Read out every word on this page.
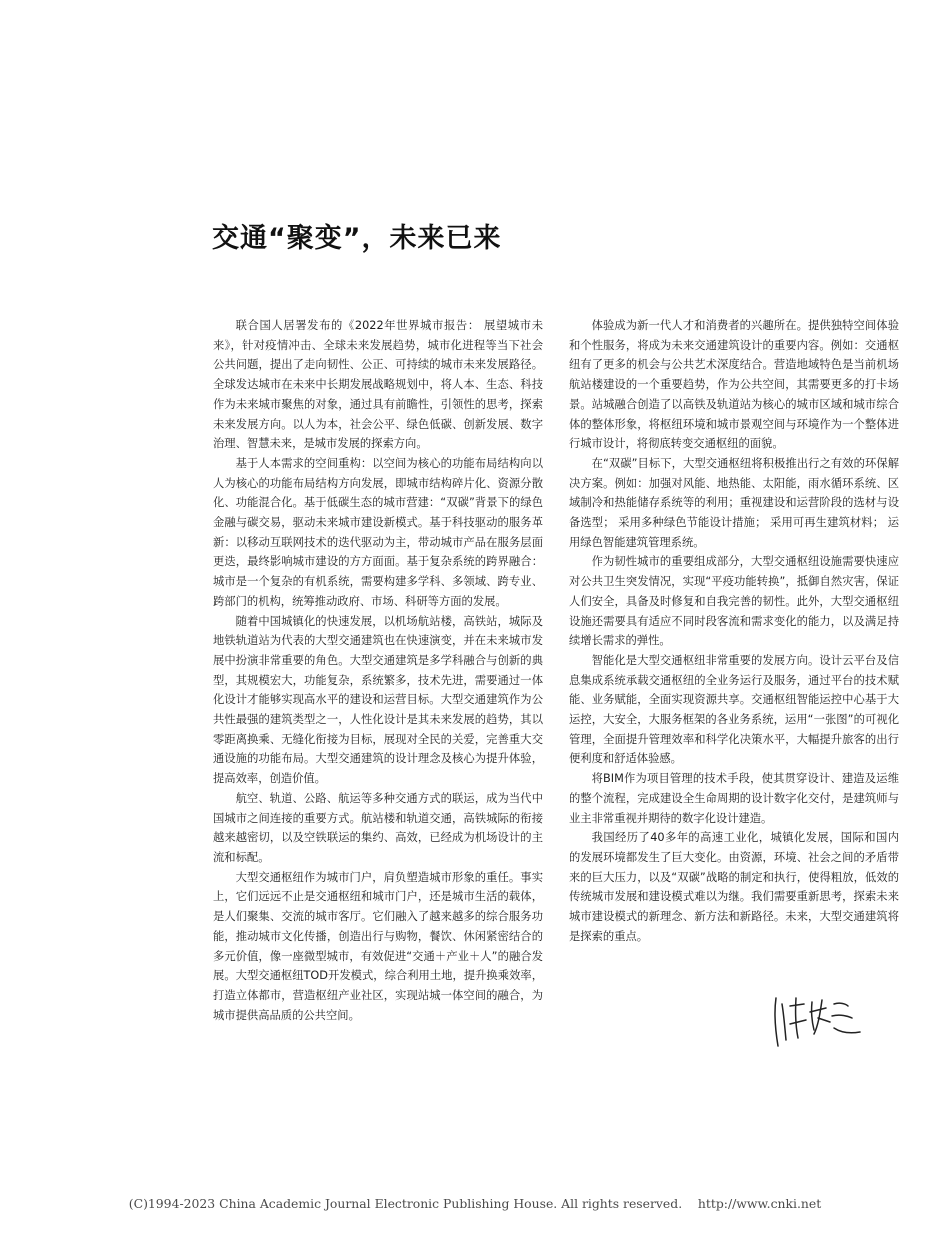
交通“聚变”，未来已来

联合国人居署发布的《2022年世界城市报告： 展望城市未来》，针对疫情冲击、全球未来发展趋势，城市化进程等当下社会公共问题，提出了走向韧性、公正、可持续的城市未来发展路径。全球发达城市在未来中长期发展战略规划中，将人本、生态、科技作为未来城市聚焦的对象，通过具有前瞻性，引领性的思考，探索未来发展方向。以人为本，社会公平、绿色低碳、创新发展、数字治理、智慧未来，是城市发展的探索方向。

基于人本需求的空间重构：以空间为核心的功能布局结构向以人为核心的功能布局结构方向发展，即城市结构碎片化、资源分散化、功能混合化。基于低碳生态的城市营建：“双碳”背景下的绿色金融与碳交易，驱动未来城市建设新模式。基于科技驱动的服务革新：以移动互联网技术的迭代驱动为主，带动城市产品在服务层面更迭，最终影响城市建设的方方面面。基于复杂系统的跨界融合：城市是一个复杂的有机系统，需要构建多学科、多领域、跨专业、跨部门的机构，统筹推动政府、市场、科研等方面的发展。

随着中国城镇化的快速发展，以机场航站楼，高铁站，城际及地铁轨道站为代表的大型交通建筑也在快速演变，并在未来城市发展中扮演非常重要的角色。大型交通建筑是多学科融合与创新的典型，其规模宏大，功能复杂，系统繁多，技术先进，需要通过一体化设计才能够实现高水平的建设和运营目标。大型交通建筑作为公共性最强的建筑类型之一，人性化设计是其未来发展的趋势，其以零距离换乘、无缝化衔接为目标，展现对全民的关爱，完善重大交通设施的功能布局。大型交通建筑的设计理念及核心为提升体验，提高效率，创造价值。

航空、轨道、公路、航运等多种交通方式的联运，成为当代中国城市之间连接的重要方式。航站楼和轨道交通，高铁城际的衔接越来越密切，以及空铁联运的集约、高效，已经成为机场设计的主流和标配。

大型交通枢纽作为城市门户，肩负塑造城市形象的重任。事实上，它们远远不止是交通枢纽和城市门户，还是城市生活的载体，是人们聚集、交流的城市客厅。它们融入了越来越多的综合服务功能，推动城市文化传播，创造出行与购物，餐饮、休闲紧密结合的多元价值，像一座微型城市，有效促进“交通＋产业＋人”的融合发展。大型交通枢纽TOD开发模式，综合利用土地，提升换乘效率，打造立体都市，营造枢纽产业社区，实现站城一体空间的融合，为城市提供高品质的公共空间。

体验成为新一代人才和消费者的兴趣所在。提供独特空间体验和个性服务，将成为未来交通建筑设计的重要内容。例如：交通枢纽有了更多的机会与公共艺术深度结合。营造地域特色是当前机场航站楼建设的一个重要趋势，作为公共空间，其需要更多的打卡场景。站城融合创造了以高铁及轨道站为核心的城市区域和城市综合体的整体形象，将枢纽环境和城市景观空间与环境作为一个整体进行城市设计，将彻底转变交通枢纽的面貌。

在“双碳”目标下，大型交通枢纽将积极推出行之有效的环保解决方案。例如：加强对风能、地热能、太阳能，雨水循环系统、区域制冷和热能储存系统等的利用；重视建设和运营阶段的选材与设备选型； 采用多种绿色节能设计措施； 采用可再生建筑材料； 运用绿色智能建筑管理系统。

作为韧性城市的重要组成部分，大型交通枢纽设施需要快速应对公共卫生突发情况，实现“平疫功能转换”，抵御自然灾害，保证人们安全，具备及时修复和自我完善的韧性。此外，大型交通枢纽设施还需要具有适应不同时段客流和需求变化的能力，以及满足持续增长需求的弹性。

智能化是大型交通枢纽非常重要的发展方向。设计云平台及信息集成系统承载交通枢纽的全业务运行及服务，通过平台的技术赋能、业务赋能，全面实现资源共享。交通枢纽智能运控中心基于大运控，大安全，大服务框架的各业务系统，运用“一张图”的可视化管理，全面提升管理效率和科学化决策水平，大幅提升旅客的出行便利度和舒适体验感。

将BIM作为项目管理的技术手段，使其贯穿设计、建造及运维的整个流程，完成建设全生命周期的设计数字化交付，是建筑师与业主非常重视并期待的数字化设计建造。

我国经历了40多年的高速工业化，城镇化发展，国际和国内的发展环境都发生了巨大变化。由资源，环境、社会之间的矛盾带来的巨大压力，以及“双碳”战略的制定和执行，使得粗放，低效的传统城市发展和建设模式难以为继。我们需要重新思考，探索未来城市建设模式的新理念、新方法和新路径。未来，大型交通建筑将是探索的重点。

(C)1994-2023 China Academic Journal Electronic Publishing House. All rights reserved. http://www.cnki.net
